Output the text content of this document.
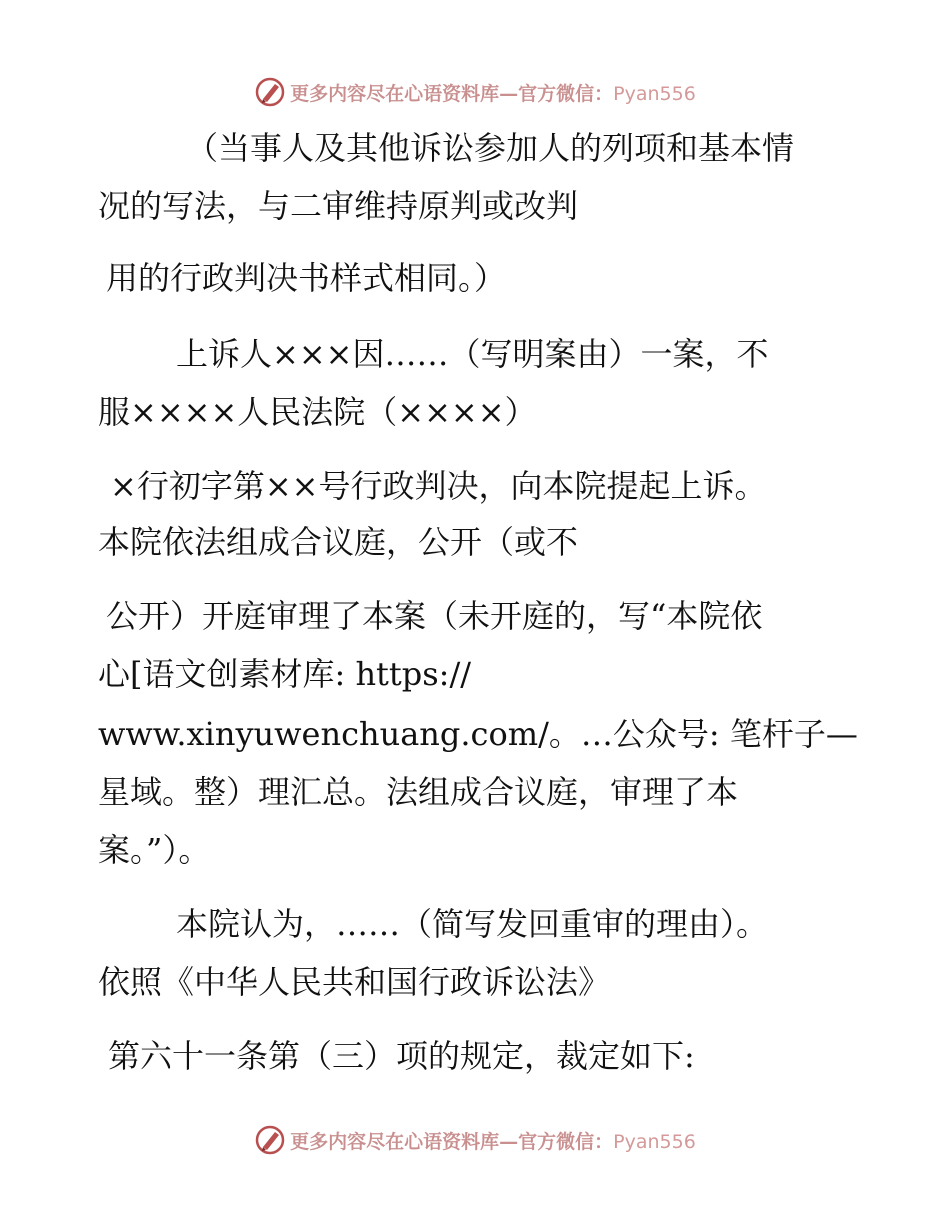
更多内容尽在心语资料库—官方微信：Pyan556
（当事人及其他诉讼参加人的列项和基本情
况的写法，与二审维持原判或改判
用的行政判决书样式相同。）
上诉人×××因……（写明案由）一案，不
服××××人民法院（××××）
×行初字第××号行政判决，向本院提起上诉。
本院依法组成合议庭，公开（或不
公开）开庭审理了本案（未开庭的，写“本院依
心[语文创素材库: https://
www.xinyuwenchuang.com/。…公众号: 笔杆子—
星域。整）理汇总。法组成合议庭，审理了本
案。”）。
本院认为，……（简写发回重审的理由）。
依照《中华人民共和国行政诉讼法》
第六十一条第（三）项的规定，裁定如下:
更多内容尽在心语资料库—官方微信：Pyan556
